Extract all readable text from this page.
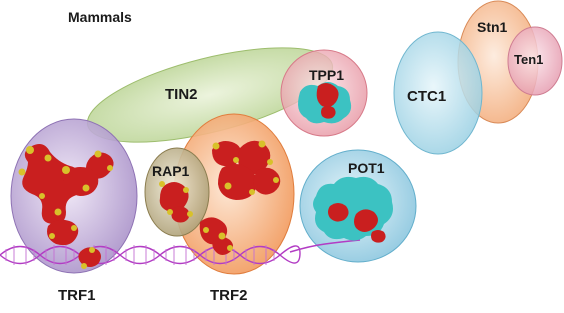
Mammals
TIN2
TPP1
CTC1
Stn1
Ten1
RAP1	POT1
TRF1	TRF2
